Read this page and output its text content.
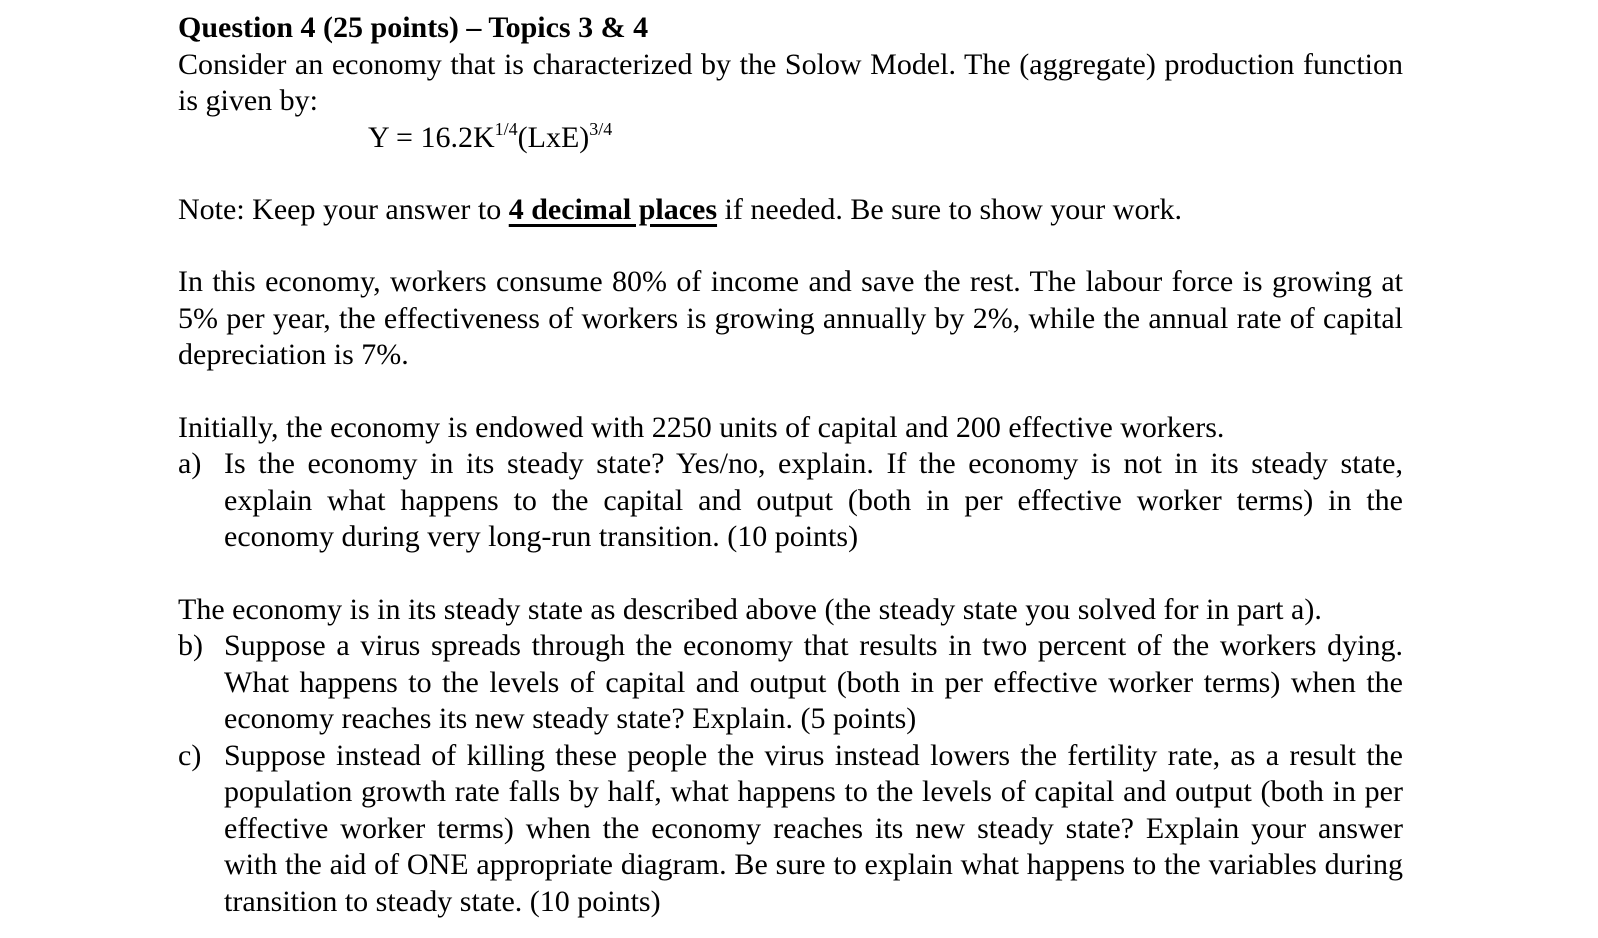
Question 4 (25 points) – Topics 3 & 4

Consider an economy that is characterized by the Solow Model. The (aggregate) production function is given by:

$Y = 16.2K^{1/4}(LxE)^{3/4}$

Note: Keep your answer to 4 decimal places if needed. Be sure to show your work.

In this economy, workers consume 80% of income and save the rest. The labour force is growing at 5% per year, the effectiveness of workers is growing annually by 2%, while the annual rate of capital depreciation is 7%.

Initially, the economy is endowed with 2250 units of capital and 200 effective workers.

a) Is the economy in its steady state? Yes/no, explain. If the economy is not in its steady state, explain what happens to the capital and output (both in per effective worker terms) in the economy during very long-run transition. (10 points)

The economy is in its steady state as described above (the steady state you solved for in part a).

b) Suppose a virus spreads through the economy that results in two percent of the workers dying. What happens to the levels of capital and output (both in per effective worker terms) when the economy reaches its new steady state? Explain. (5 points)
c) Suppose instead of killing these people the virus instead lowers the fertility rate, as a result the population growth rate falls by half, what happens to the levels of capital and output (both in per effective worker terms) when the economy reaches its new steady state? Explain your answer with the aid of ONE appropriate diagram. Be sure to explain what happens to the variables during transition to steady state. (10 points)
